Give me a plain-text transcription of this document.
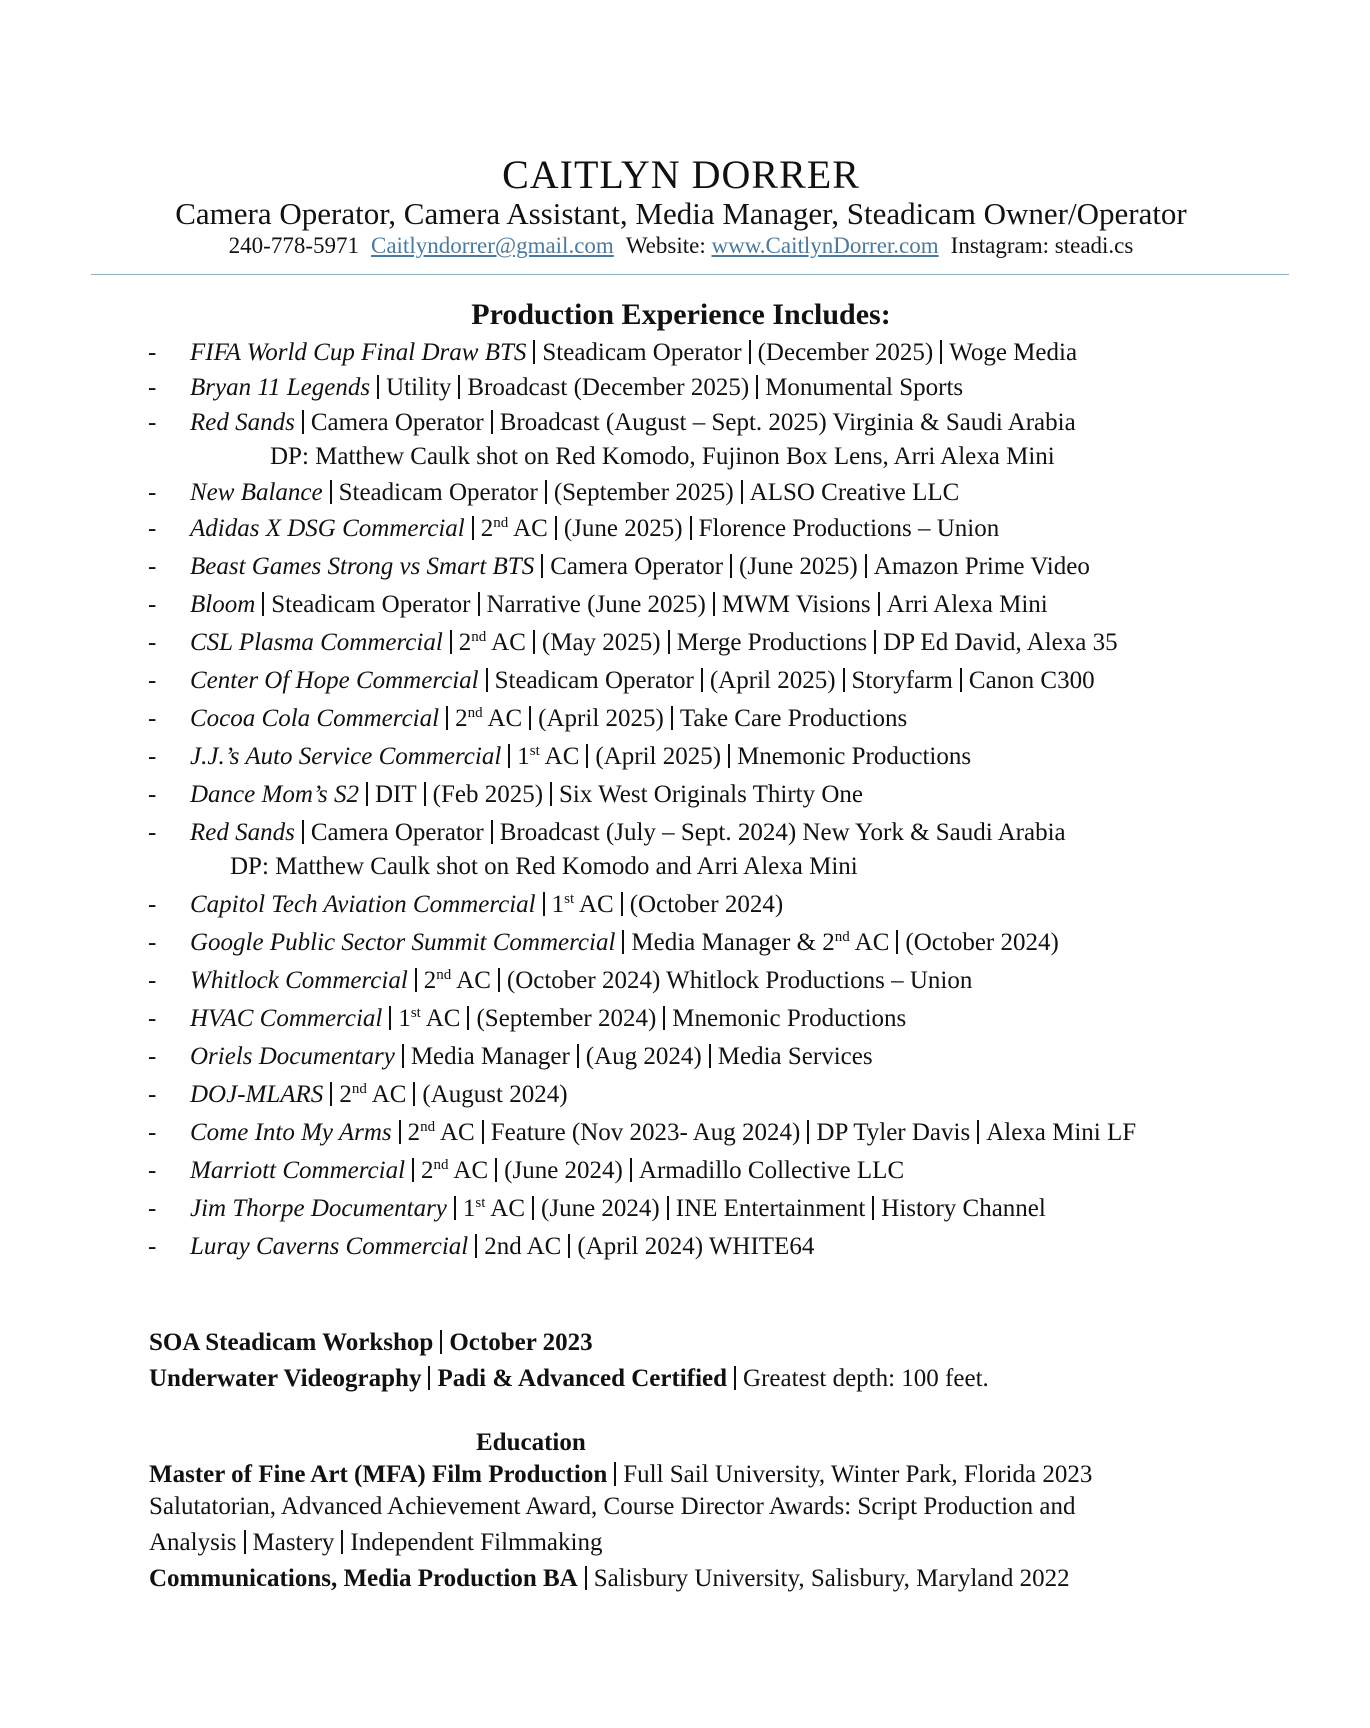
CAITLYN DORRER
Camera Operator, Camera Assistant, Media Manager, Steadicam Owner/Operator
240-778-5971 Caitlyndorrer@gmail.com Website: www.CaitlynDorrer.com Instagram: steadi.cs
Production Experience Includes:
- FIFA World Cup Final Draw BTS Steadicam Operator (December 2025) Woge Media
- Bryan 11 Legends Utility Broadcast (December 2025) Monumental Sports
- Red Sands Camera Operator Broadcast (August – Sept. 2025) Virginia & Saudi Arabia
DP: Matthew Caulk shot on Red Komodo, Fujinon Box Lens, Arri Alexa Mini
- New Balance Steadicam Operator (September 2025) ALSO Creative LLC
- Adidas X DSG Commercial 2nd AC (June 2025) Florence Productions – Union
- Beast Games Strong vs Smart BTS Camera Operator (June 2025) Amazon Prime Video
- Bloom Steadicam Operator Narrative (June 2025) MWM Visions Arri Alexa Mini
- CSL Plasma Commercial 2nd AC (May 2025) Merge Productions DP Ed David, Alexa 35
- Center Of Hope Commercial Steadicam Operator (April 2025) Storyfarm Canon C300
- Cocoa Cola Commercial 2nd AC (April 2025) Take Care Productions
- J.J.’s Auto Service Commercial 1st AC (April 2025) Mnemonic Productions
- Dance Mom’s S2 DIT (Feb 2025) Six West Originals Thirty One
- Red Sands Camera Operator Broadcast (July – Sept. 2024) New York & Saudi Arabia
DP: Matthew Caulk shot on Red Komodo and Arri Alexa Mini
- Capitol Tech Aviation Commercial 1st AC (October 2024)
- Google Public Sector Summit Commercial Media Manager & 2nd AC (October 2024)
- Whitlock Commercial 2nd AC (October 2024) Whitlock Productions – Union
- HVAC Commercial 1st AC (September 2024) Mnemonic Productions
- Oriels Documentary Media Manager (Aug 2024) Media Services
- DOJ-MLARS 2nd AC (August 2024)
- Come Into My Arms 2nd AC Feature (Nov 2023- Aug 2024) DP Tyler Davis Alexa Mini LF
- Marriott Commercial 2nd AC (June 2024) Armadillo Collective LLC
- Jim Thorpe Documentary 1st AC (June 2024) INE Entertainment History Channel
- Luray Caverns Commercial 2nd AC (April 2024) WHITE64
SOA Steadicam Workshop October 2023
Underwater Videography Padi & Advanced Certified Greatest depth: 100 feet.
Education
Master of Fine Art (MFA) Film Production Full Sail University, Winter Park, Florida 2023
Salutatorian, Advanced Achievement Award, Course Director Awards: Script Production and
Analysis Mastery Independent Filmmaking
Communications, Media Production BA Salisbury University, Salisbury, Maryland 2022
